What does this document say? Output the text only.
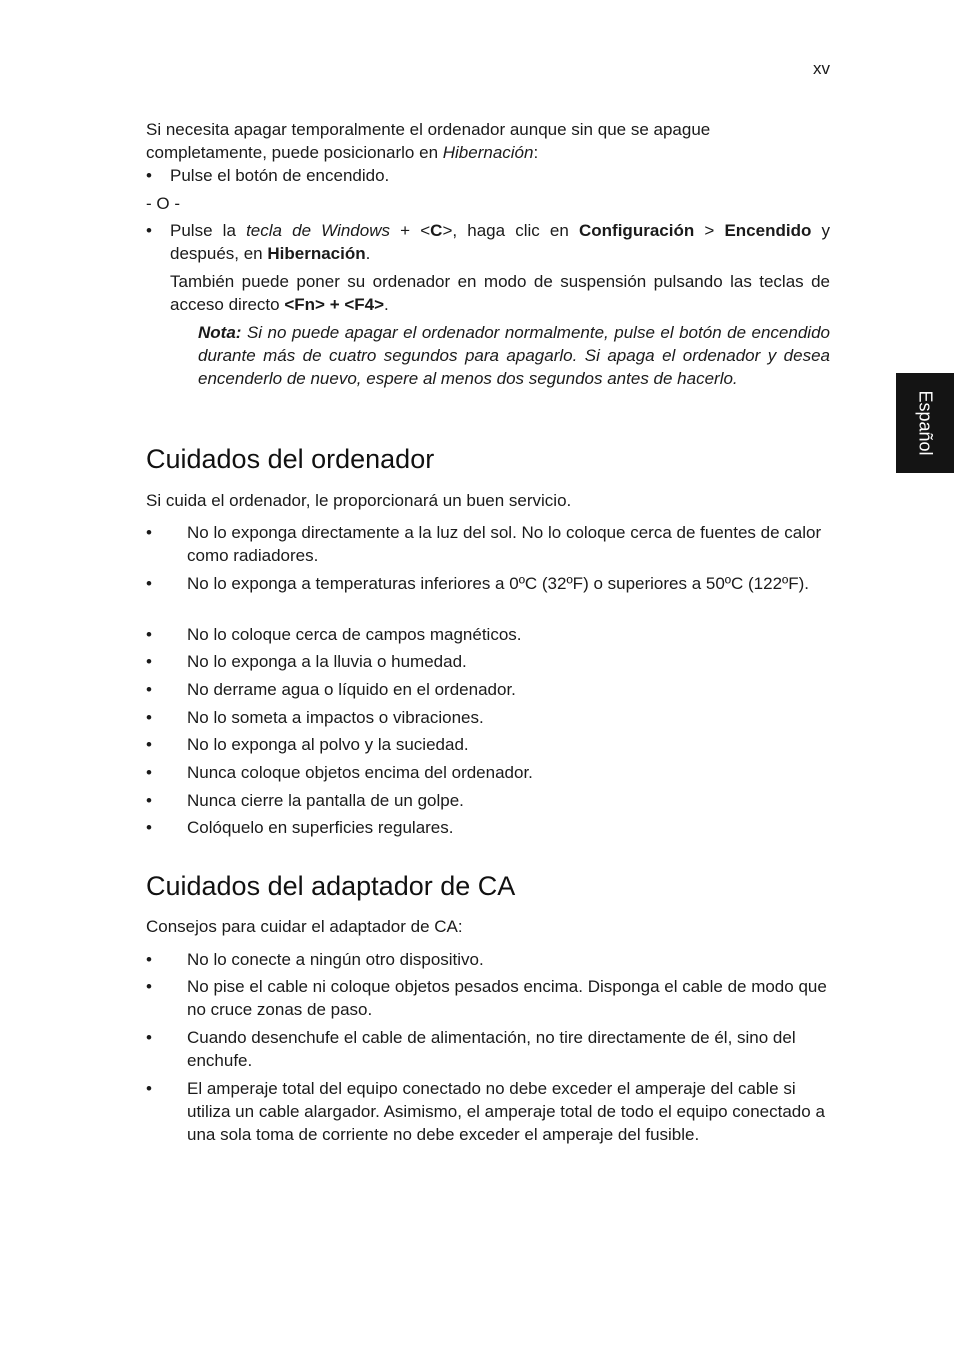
xv
Español
Si necesita apagar temporalmente el ordenador aunque sin que se apague completamente, puede posicionarlo en Hibernación:
• Pulse el botón de encendido.
- O -
• Pulse la tecla de Windows + <C>, haga clic en Configuración > Encendido y después, en Hibernación.
También puede poner su ordenador en modo de suspensión pulsando las teclas de acceso directo <Fn> + <F4>.
Nota: Si no puede apagar el ordenador normalmente, pulse el botón de encendido durante más de cuatro segundos para apagarlo. Si apaga el ordenador y desea encenderlo de nuevo, espere al menos dos segundos antes de hacerlo.
Cuidados del ordenador
Si cuida el ordenador, le proporcionará un buen servicio.
• No lo exponga directamente a la luz del sol. No lo coloque cerca de fuentes de calor como radiadores.
• No lo exponga a temperaturas inferiores a 0ºC (32ºF) o superiores a 50ºC (122ºF).
• No lo coloque cerca de campos magnéticos.
• No lo exponga a la lluvia o humedad.
• No derrame agua o líquido en el ordenador.
• No lo someta a impactos o vibraciones.
• No lo exponga al polvo y la suciedad.
• Nunca coloque objetos encima del ordenador.
• Nunca cierre la pantalla de un golpe.
• Colóquelo en superficies regulares.
Cuidados del adaptador de CA
Consejos para cuidar el adaptador de CA:
• No lo conecte a ningún otro dispositivo.
• No pise el cable ni coloque objetos pesados encima. Disponga el cable de modo que no cruce zonas de paso.
• Cuando desenchufe el cable de alimentación, no tire directamente de él, sino del enchufe.
• El amperaje total del equipo conectado no debe exceder el amperaje del cable si utiliza un cable alargador. Asimismo, el amperaje total de todo el equipo conectado a una sola toma de corriente no debe exceder el amperaje del fusible.
